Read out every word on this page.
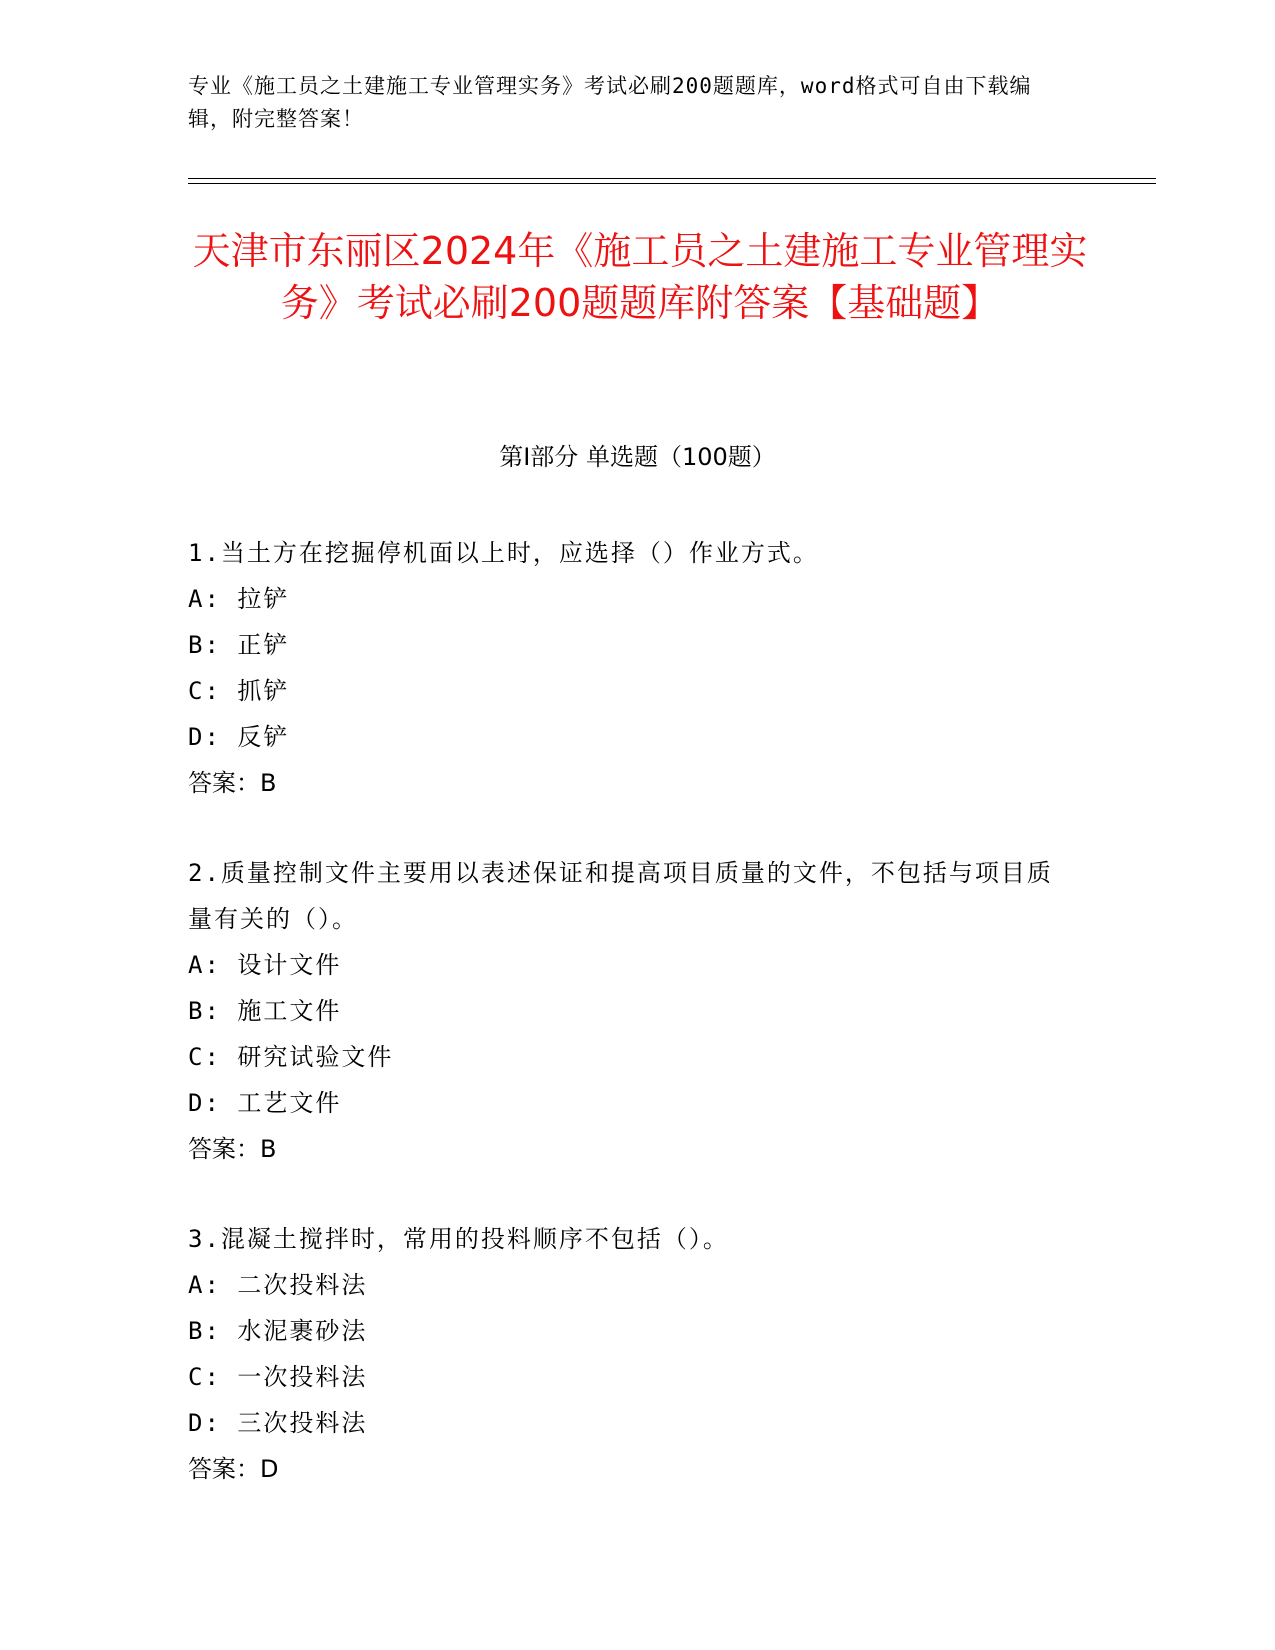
专业《施工员之土建施工专业管理实务》考试必刷200题题库，word格式可自由下载编辑，附完整答案！
天津市东丽区2024年《施工员之土建施工专业管理实务》考试必刷200题题库附答案【基础题】
第I部分 单选题（100题）
1.当土方在挖掘停机面以上时，应选择（）作业方式。
A: 拉铲
B: 正铲
C: 抓铲
D: 反铲
答案：B
2.质量控制文件主要用以表述保证和提高项目质量的文件，不包括与项目质量有关的（）。
A: 设计文件
B: 施工文件
C: 研究试验文件
D: 工艺文件
答案：B
3.混凝土搅拌时，常用的投料顺序不包括（）。
A: 二次投料法
B: 水泥裹砂法
C: 一次投料法
D: 三次投料法
答案：D
